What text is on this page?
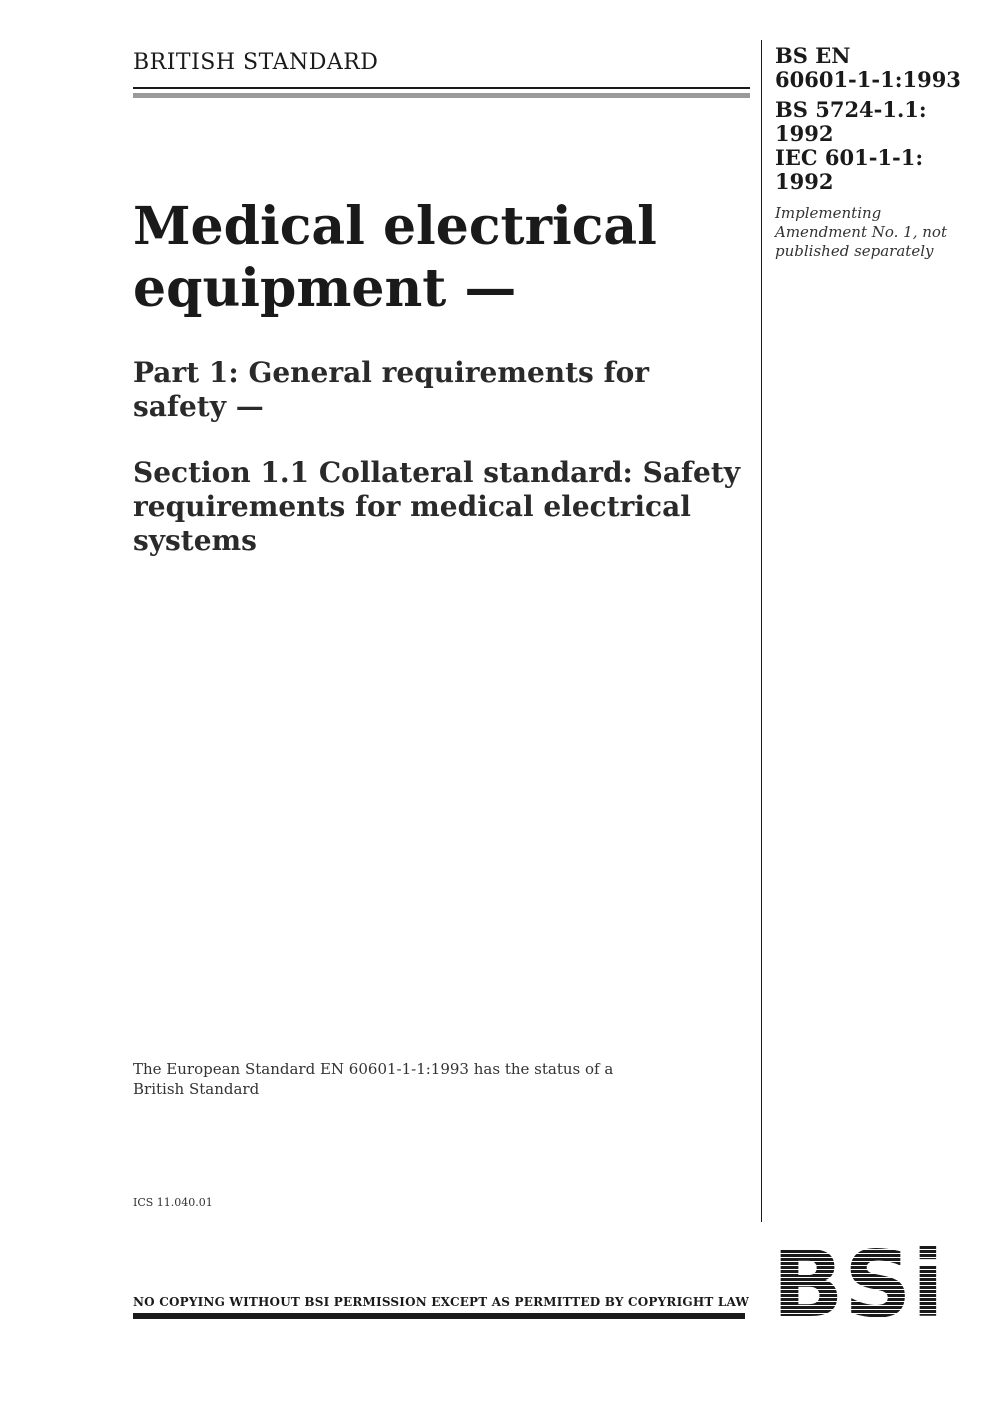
BRITISH STANDARD
Medical electrical
equipment —
Part 1: General requirements for safety —
Section 1.1 Collateral standard: Safety requirements for medical electrical systems
The European Standard EN 60601-1-1:1993 has the status of a British Standard
ICS 11.040.01
BS EN
60601-1-1:1993
BS 5724-1.1:
1992
IEC 601-1-1:
1992
Implementing Amendment No. 1, not published separately
NO COPYING WITHOUT BSI PERMISSION EXCEPT AS PERMITTED BY COPYRIGHT LAW BSi
